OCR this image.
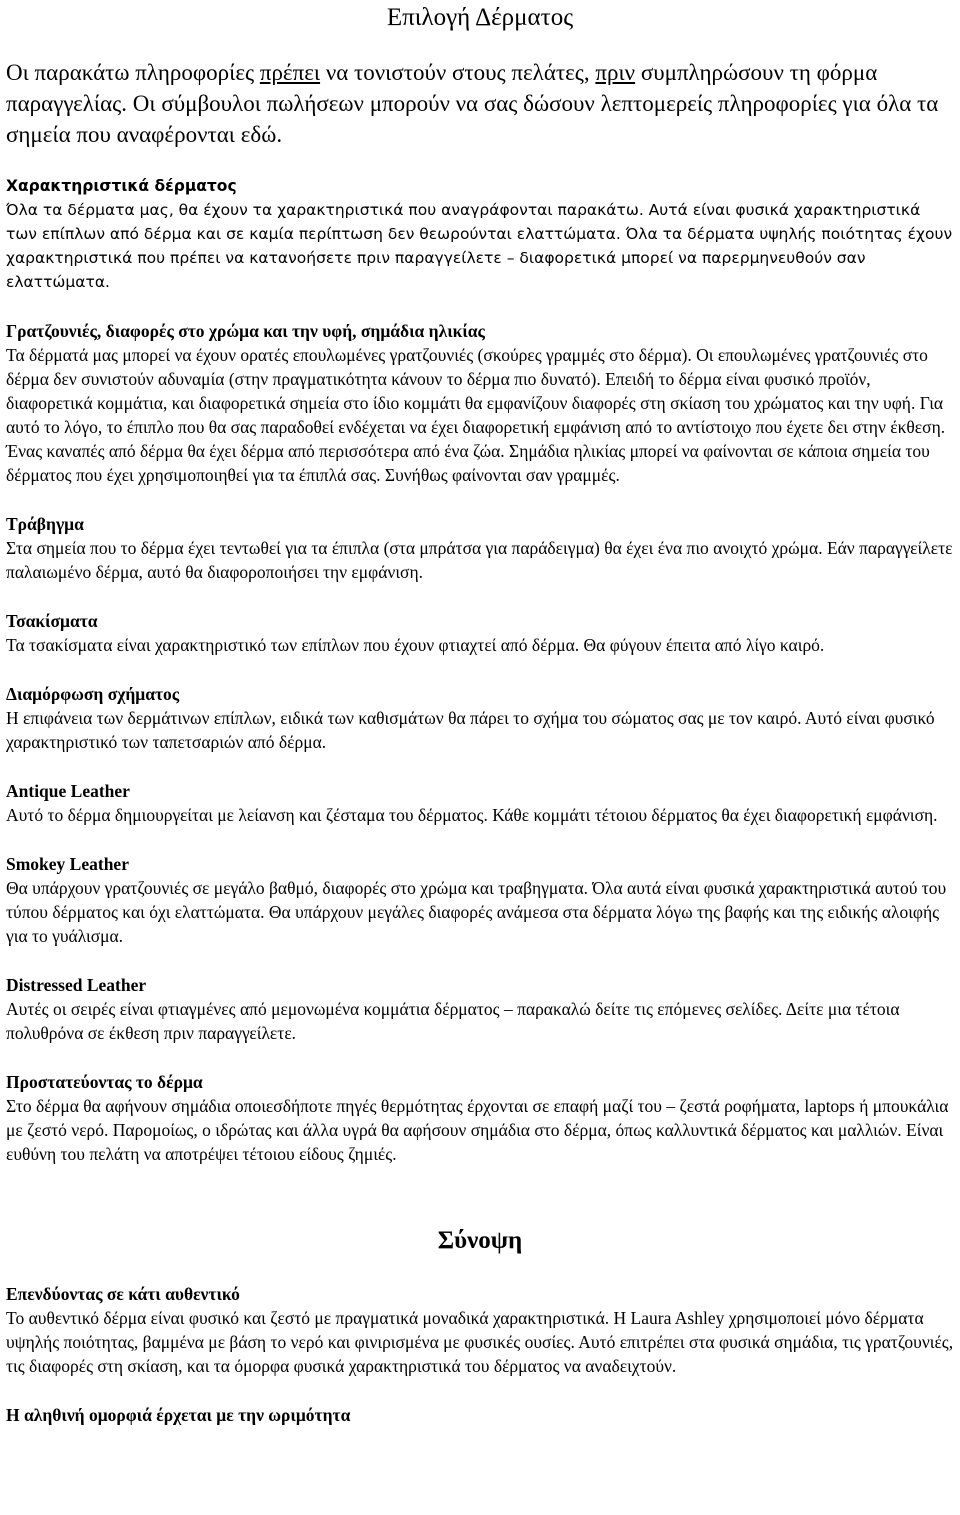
Επιλογή Δέρματος

Οι παρακάτω πληροφορίες πρέπει να τονιστούν στους πελάτες, πριν συμπληρώσουν τη φόρμα παραγγελίας. Οι σύμβουλοι πωλήσεων μπορούν να σας δώσουν λεπτομερείς πληροφορίες για όλα τα σημεία που αναφέρονται εδώ.

Χαρακτηριστικά δέρματος

Όλα τα δέρματα μας, θα έχουν τα χαρακτηριστικά που αναγράφονται παρακάτω. Αυτά είναι φυσικά χαρακτηριστικά των επίπλων από δέρμα και σε καμία περίπτωση δεν θεωρούνται ελαττώματα. Όλα τα δέρματα υψηλής ποιότητας έχουν χαρακτηριστικά που πρέπει να κατανοήσετε πριν παραγγείλετε – διαφορετικά μπορεί να παρερμηνευθούν σαν ελαττώματα.

Γρατζουνιές, διαφορές στο χρώμα και την υφή, σημάδια ηλικίας

Τα δέρματά μας μπορεί να έχουν ορατές επουλωμένες γρατζουνιές (σκούρες γραμμές στο δέρμα). Οι επουλωμένες γρατζουνιές στο δέρμα δεν συνιστούν αδυναμία (στην πραγματικότητα κάνουν το δέρμα πιο δυνατό). Επειδή το δέρμα είναι φυσικό προϊόν, διαφορετικά κομμάτια, και διαφορετικά σημεία στο ίδιο κομμάτι θα εμφανίζουν διαφορές στη σκίαση του χρώματος και την υφή. Για αυτό το λόγο, το έπιπλο που θα σας παραδοθεί ενδέχεται να έχει διαφορετική εμφάνιση από το αντίστοιχο που έχετε δει στην έκθεση. Ένας καναπές από δέρμα θα έχει δέρμα από περισσότερα από ένα ζώα. Σημάδια ηλικίας μπορεί να φαίνονται σε κάποια σημεία του δέρματος που έχει χρησιμοποιηθεί για τα έπιπλά σας. Συνήθως φαίνονται σαν γραμμές.

Τράβηγμα

Στα σημεία που το δέρμα έχει τεντωθεί για τα έπιπλα (στα μπράτσα για παράδειγμα) θα έχει ένα πιο ανοιχτό χρώμα. Εάν παραγγείλετε παλαιωμένο δέρμα, αυτό θα διαφοροποιήσει την εμφάνιση.

Τσακίσματα

Τα τσακίσματα είναι χαρακτηριστικό των επίπλων που έχουν φτιαχτεί από δέρμα. Θα φύγουν έπειτα από λίγο καιρό.

Διαμόρφωση σχήματος

Η επιφάνεια των δερμάτινων επίπλων, ειδικά των καθισμάτων θα πάρει το σχήμα του σώματος σας με τον καιρό. Αυτό είναι φυσικό χαρακτηριστικό των ταπετσαριών από δέρμα.

Antique Leather

Αυτό το δέρμα δημιουργείται με λείανση και ζέσταμα του δέρματος. Κάθε κομμάτι τέτοιου δέρματος θα έχει διαφορετική εμφάνιση.

Smokey Leather

Θα υπάρχουν γρατζουνιές σε μεγάλο βαθμό, διαφορές στο χρώμα και τραβηγματα. Όλα αυτά είναι φυσικά χαρακτηριστικά αυτού του τύπου δέρματος και όχι ελαττώματα. Θα υπάρχουν μεγάλες διαφορές ανάμεσα στα δέρματα λόγω της βαφής και της ειδικής αλοιφής για το γυάλισμα.

Distressed Leather

Αυτές οι σειρές είναι φτιαγμένες από μεμονωμένα κομμάτια δέρματος – παρακαλώ δείτε τις επόμενες σελίδες. Δείτε μια τέτοια πολυθρόνα σε έκθεση πριν παραγγείλετε.

Προστατεύοντας το δέρμα

Στο δέρμα θα αφήνουν σημάδια οποιεσδήποτε πηγές θερμότητας έρχονται σε επαφή μαζί του – ζεστά ροφήματα, laptops ή μπουκάλια με ζεστό νερό. Παρομοίως, ο ιδρώτας και άλλα υγρά θα αφήσουν σημάδια στο δέρμα, όπως καλλυντικά δέρματος και μαλλιών. Είναι ευθύνη του πελάτη να αποτρέψει τέτοιου είδους ζημιές.

Σύνοψη
Επενδύοντας σε κάτι αυθεντικό

Το αυθεντικό δέρμα είναι φυσικό και ζεστό με πραγματικά μοναδικά χαρακτηριστικά. Η Laura Ashley χρησιμοποιεί μόνο δέρματα υψηλής ποιότητας, βαμμένα με βάση το νερό και φινιρισμένα με φυσικές ουσίες. Αυτό επιτρέπει στα φυσικά σημάδια, τις γρατζουνιές, τις διαφορές στη σκίαση, και τα όμορφα φυσικά χαρακτηριστικά του δέρματος να αναδειχτούν.

Η αληθινή ομορφιά έρχεται με την ωριμότητα
